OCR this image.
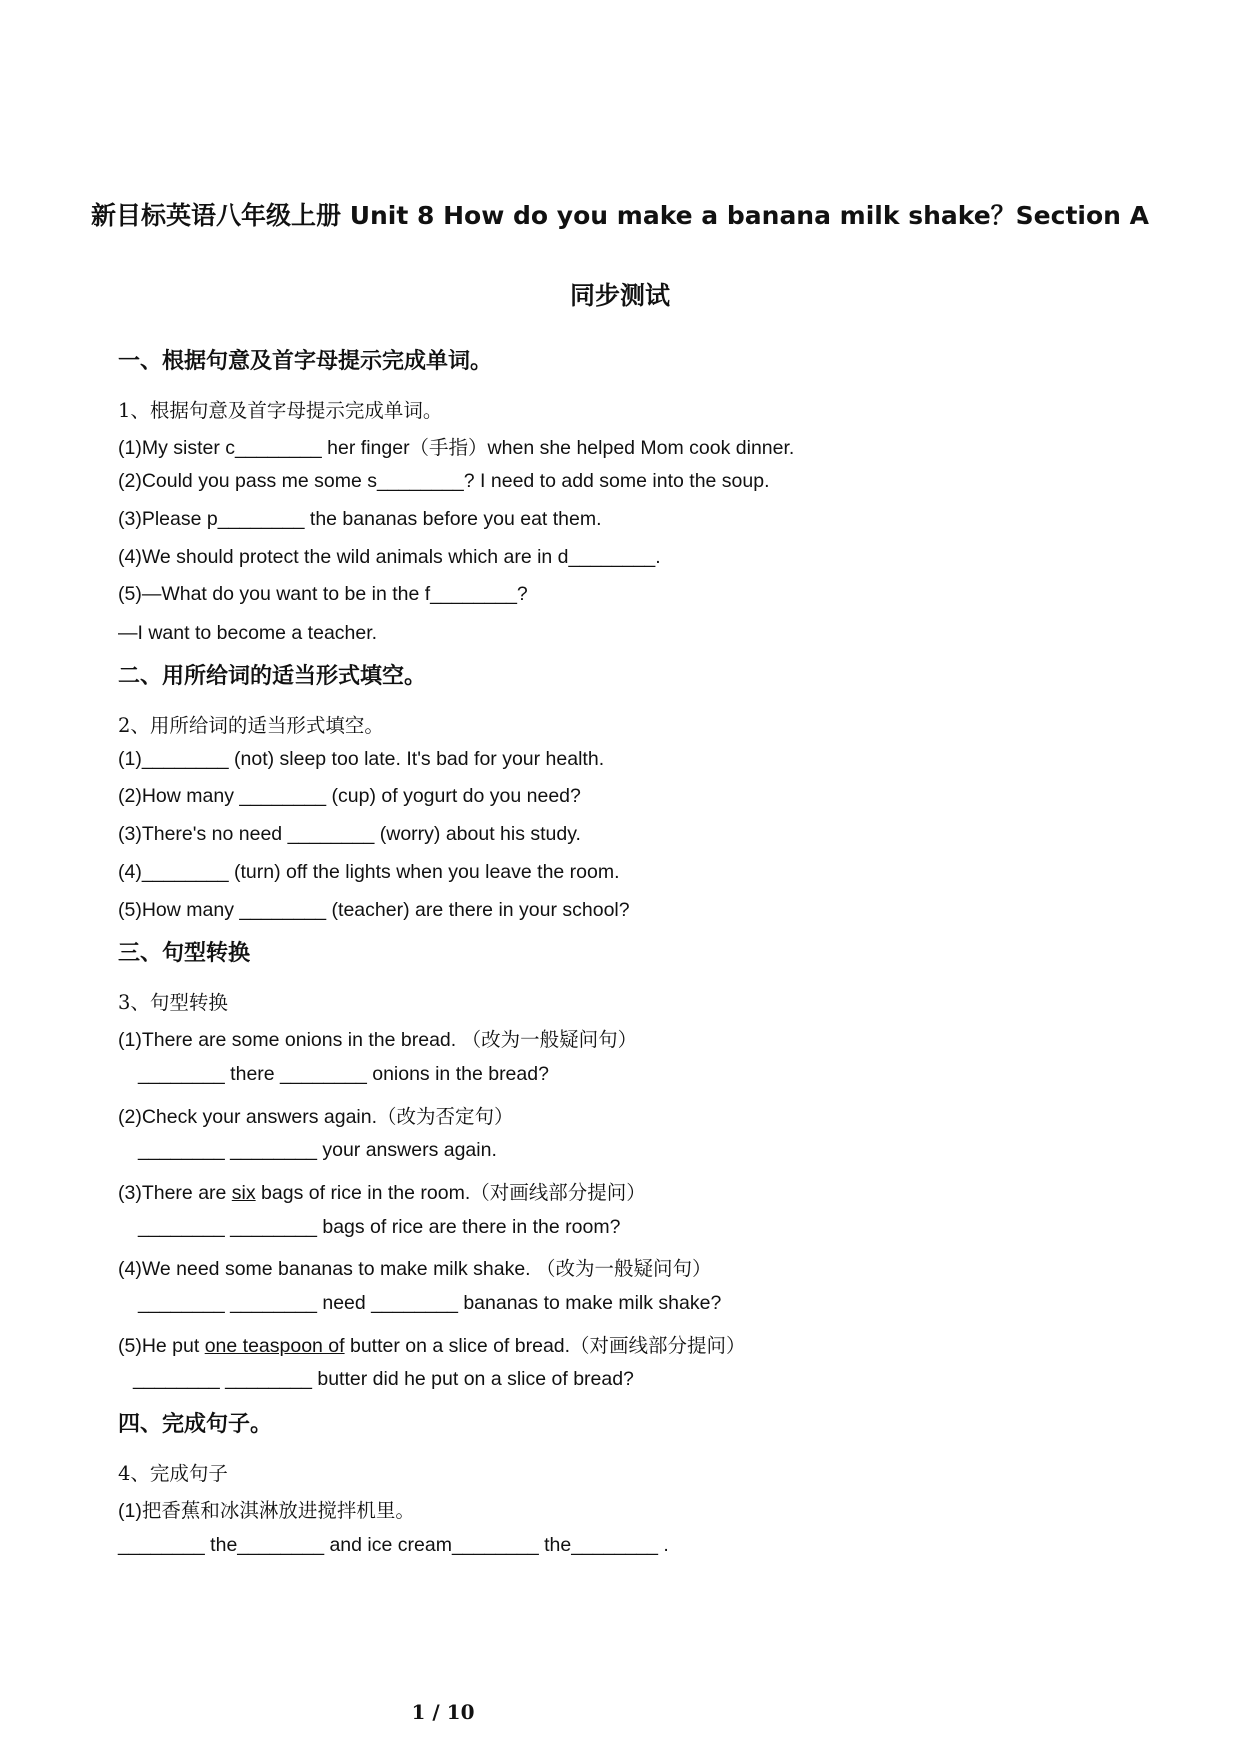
新目标英语八年级上册 Unit 8 How do you make a banana milk shake？Section A
同步测试
一、根据句意及首字母提示完成单词。
1、根据句意及首字母提示完成单词。
(1)My sister c________ her finger（手指）when she helped Mom cook dinner.
(2)Could you pass me some s________? I need to add some into the soup.
(3)Please p________ the bananas before you eat them.
(4)We should protect the wild animals which are in d________.
(5)—What do you want to be in the f________?
—I want to become a teacher.
二、用所给词的适当形式填空。
2、用所给词的适当形式填空。
(1)________ (not) sleep too late. It's bad for your health.
(2)How many ________ (cup) of yogurt do you need?
(3)There's no need ________ (worry) about his study.
(4)________ (turn) off the lights when you leave the room.
(5)How many ________ (teacher) are there in your school?
三、句型转换
3、句型转换
(1)There are some onions in the bread. （改为一般疑问句）
________ there ________ onions in the bread?
(2)Check your answers again.（改为否定句）
________ ________ your answers again.
(3)There are six bags of rice in the room.（对画线部分提问）
________ ________ bags of rice are there in the room?
(4)We need some bananas to make milk shake. （改为一般疑问句）
________ ________ need ________ bananas to make milk shake?
(5)He put one teaspoon of butter on a slice of bread.（对画线部分提问）
________ ________ butter did he put on a slice of bread?
四、完成句子。
4、完成句子
(1)把香蕉和冰淇淋放进搅拌机里。
________ the________ and ice cream________ the________ .
1 / 10
